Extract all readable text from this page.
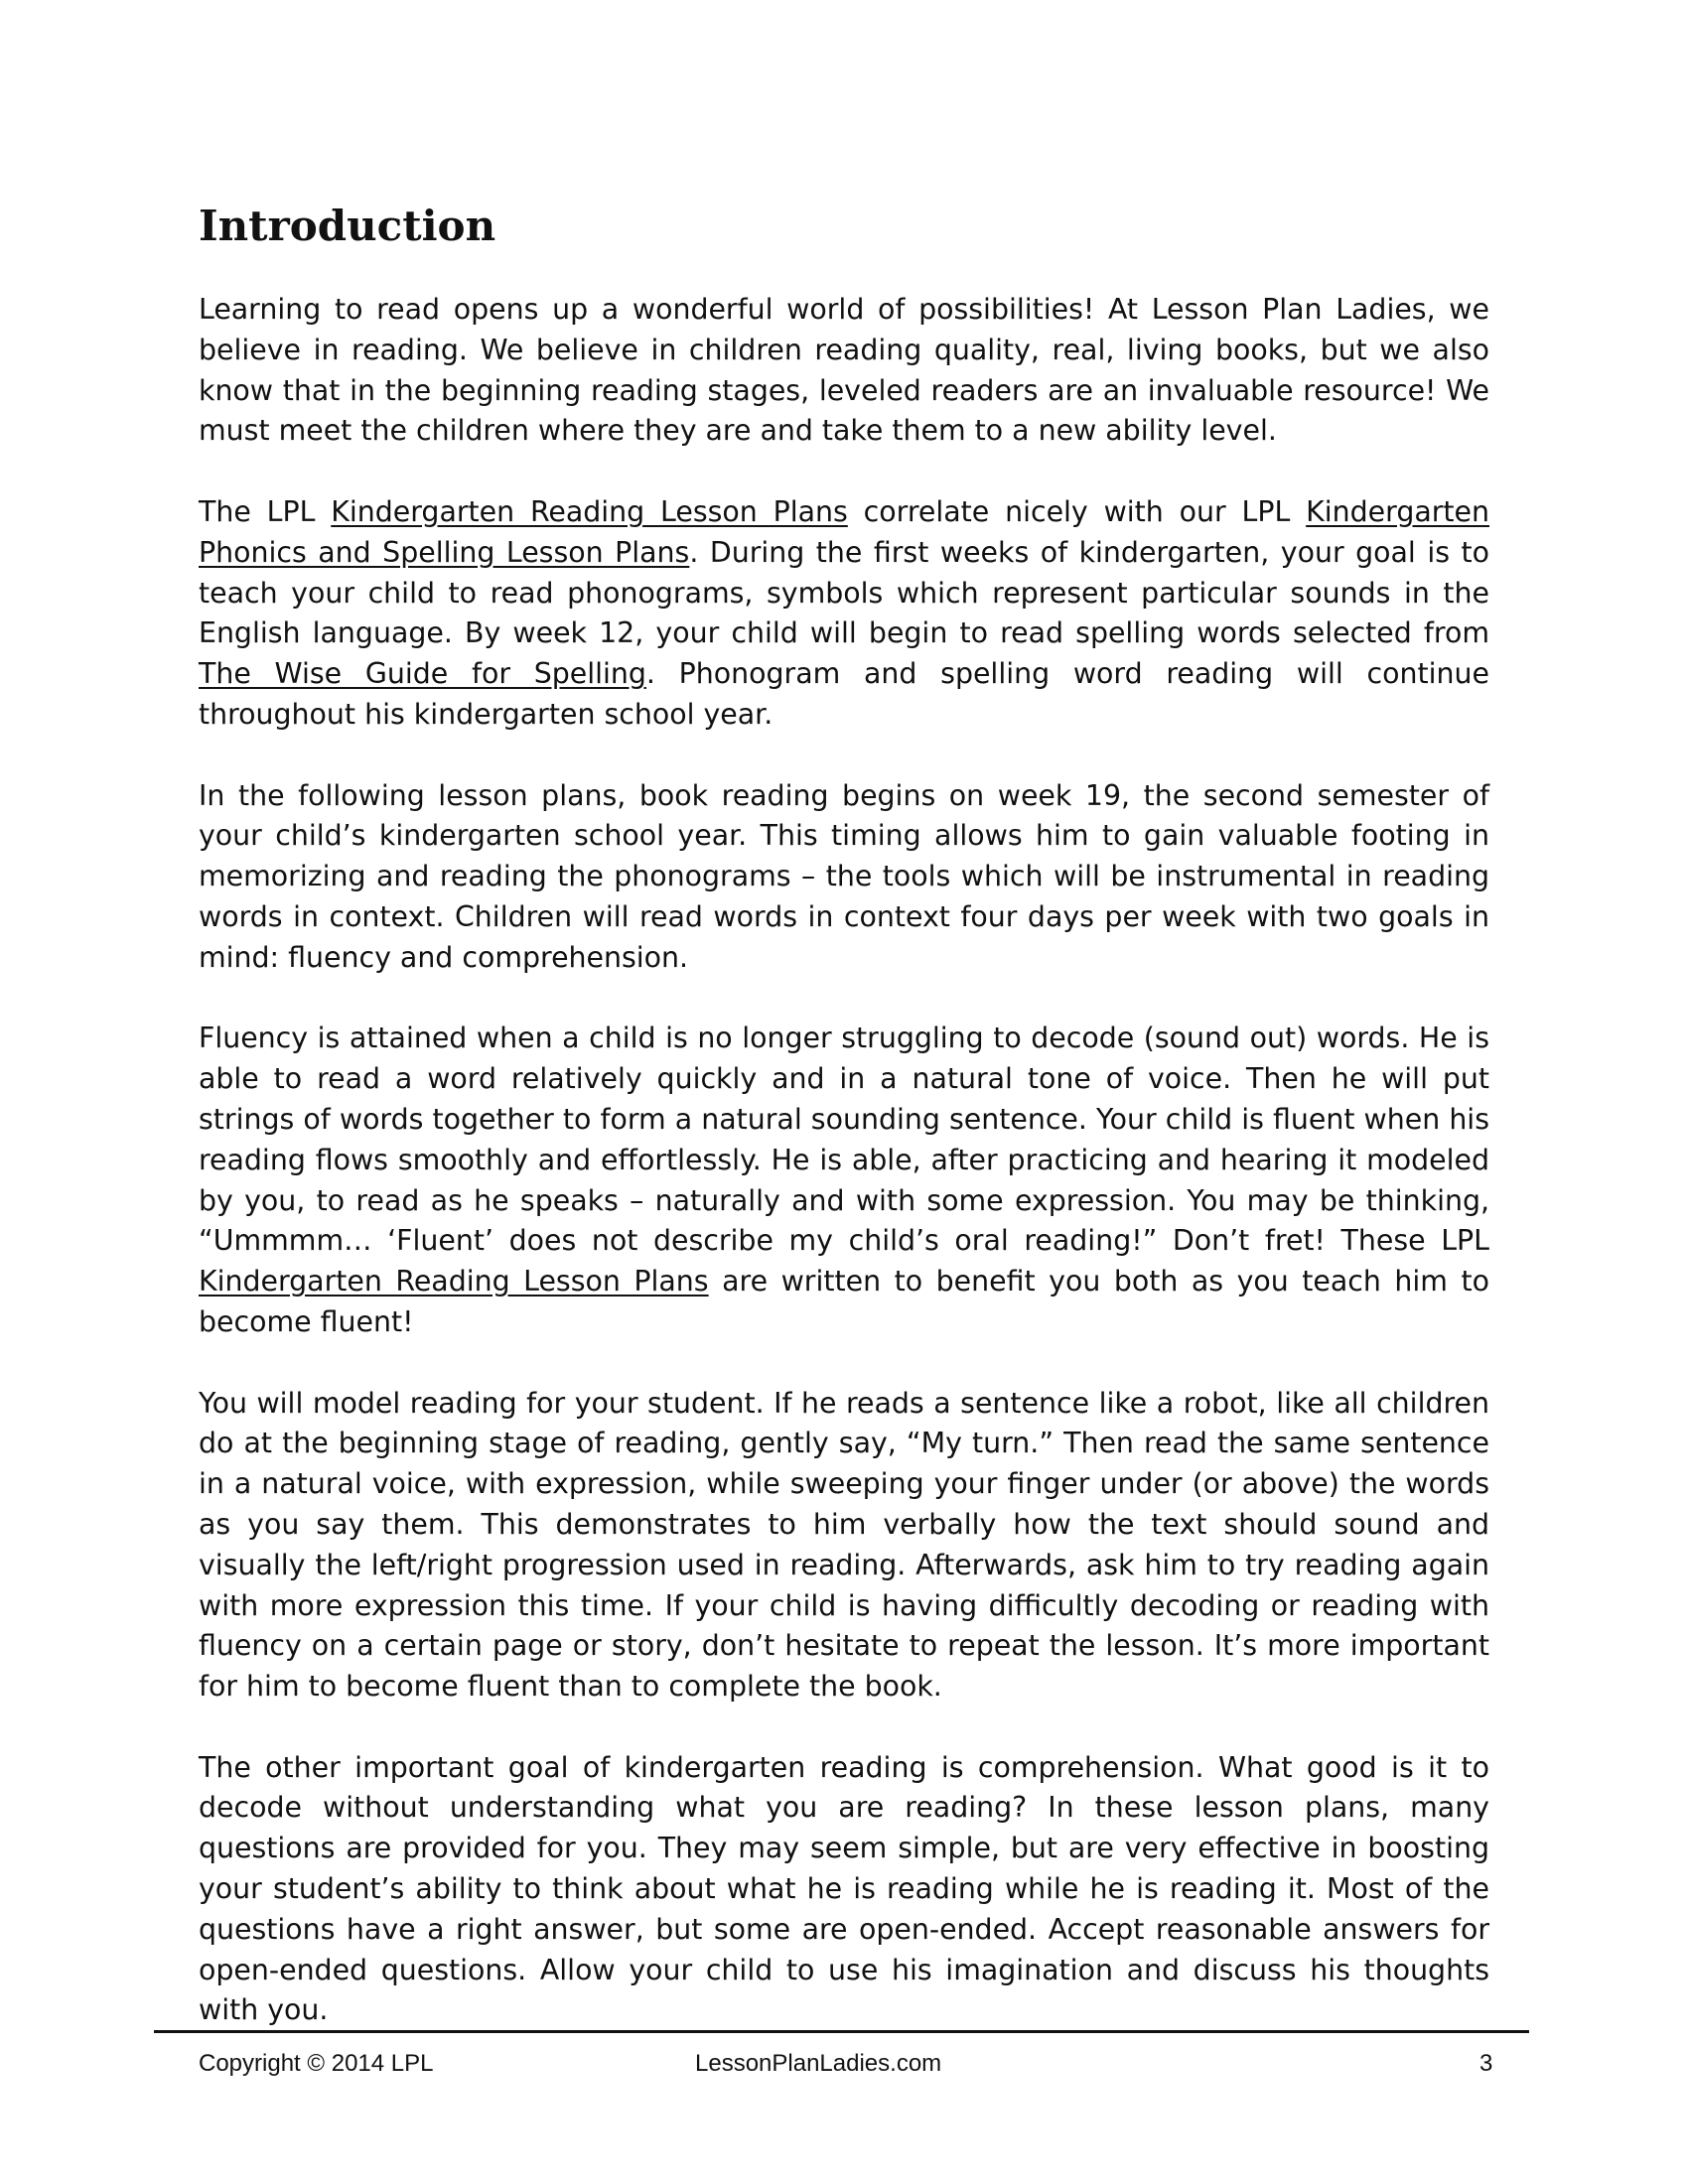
Introduction

Learning to read opens up a wonderful world of possibilities! At Lesson Plan Ladies, we believe in reading. We believe in children reading quality, real, living books, but we also know that in the beginning reading stages, leveled readers are an invaluable resource! We must meet the children where they are and take them to a new ability level.

The LPL Kindergarten Reading Lesson Plans correlate nicely with our LPL Kindergarten Phonics and Spelling Lesson Plans. During the first weeks of kindergarten, your goal is to teach your child to read phonograms, symbols which represent particular sounds in the English language. By week 12, your child will begin to read spelling words selected from The Wise Guide for Spelling. Phonogram and spelling word reading will continue throughout his kindergarten school year.

In the following lesson plans, book reading begins on week 19, the second semester of your child’s kindergarten school year. This timing allows him to gain valuable footing in memorizing and reading the phonograms – the tools which will be instrumental in reading words in context. Children will read words in context four days per week with two goals in mind: fluency and comprehension.

Fluency is attained when a child is no longer struggling to decode (sound out) words. He is able to read a word relatively quickly and in a natural tone of voice. Then he will put strings of words together to form a natural sounding sentence. Your child is fluent when his reading flows smoothly and effortlessly. He is able, after practicing and hearing it modeled by you, to read as he speaks – naturally and with some expression. You may be thinking, “Ummmm… ‘Fluent’ does not describe my child’s oral reading!” Don’t fret! These LPL Kindergarten Reading Lesson Plans are written to benefit you both as you teach him to become fluent!

You will model reading for your student. If he reads a sentence like a robot, like all children do at the beginning stage of reading, gently say, “My turn.” Then read the same sentence in a natural voice, with expression, while sweeping your finger under (or above) the words as you say them. This demonstrates to him verbally how the text should sound and visually the left/right progression used in reading. Afterwards, ask him to try reading again with more expression this time. If your child is having difficultly decoding or reading with fluency on a certain page or story, don’t hesitate to repeat the lesson. It’s more important for him to become fluent than to complete the book.

The other important goal of kindergarten reading is comprehension. What good is it to decode without understanding what you are reading? In these lesson plans, many questions are provided for you. They may seem simple, but are very effective in boosting your student’s ability to think about what he is reading while he is reading it. Most of the questions have a right answer, but some are open-ended. Accept reasonable answers for open-ended questions. Allow your child to use his imagination and discuss his thoughts with you.

Copyright © 2014 LPL	LessonPlanLadies.com	3
